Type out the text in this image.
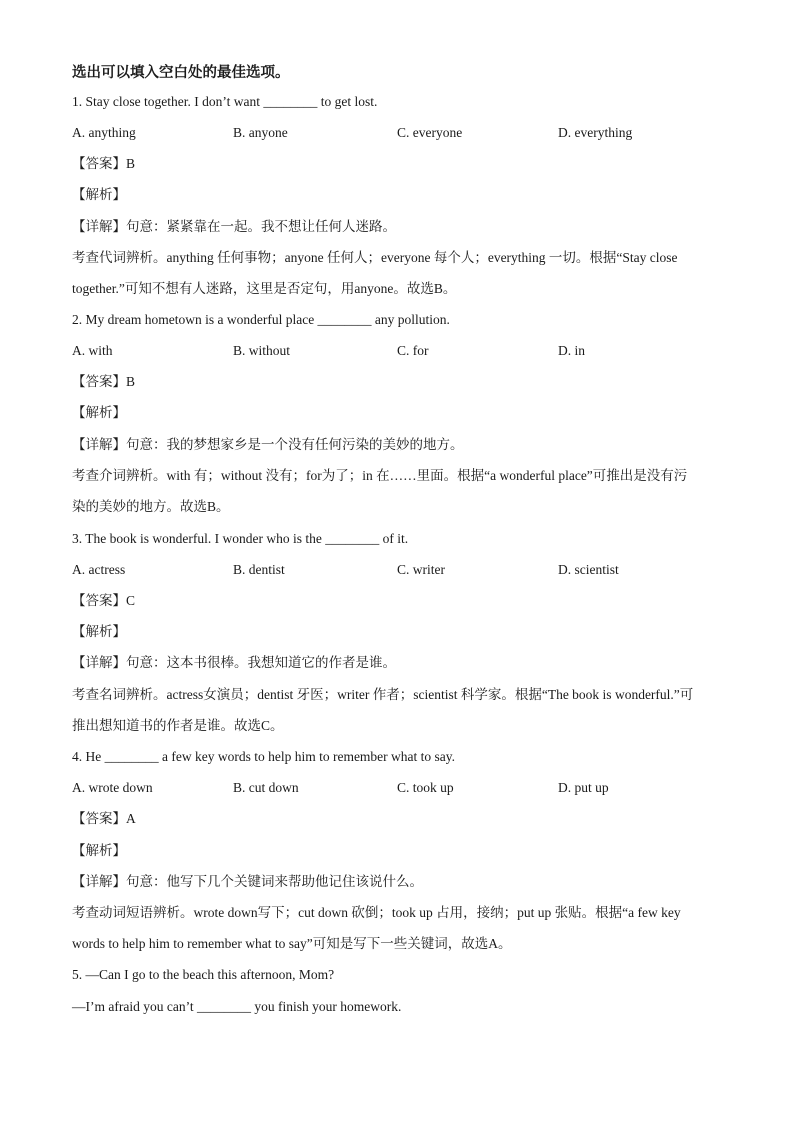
选出可以填入空白处的最佳选项。
1. Stay close together. I don’t want ________ to get lost.
A. anything	B. anyone	C. everyone	D. everything
【答案】B
【解析】
【详解】句意：紧紧靠在一起。我不想让任何人迷路。
考查代词辨析。anything 任何事物；anyone 任何人；everyone 每个人；everything 一切。根据“Stay close
together.”可知不想有人迷路，这里是否定句，用anyone。故选B。
2. My dream hometown is a wonderful place ________ any pollution.
A. with	B. without	C. for	D. in
【答案】B
【解析】
【详解】句意：我的梦想家乡是一个没有任何污染的美妙的地方。
考查介词辨析。with 有；without 没有；for为了；in 在……里面。根据“a wonderful place”可推出是没有污
染的美妙的地方。故选B。
3. The book is wonderful. I wonder who is the ________ of it.
A. actress	B. dentist	C. writer	D. scientist
【答案】C
【解析】
【详解】句意：这本书很棒。我想知道它的作者是谁。
考查名词辨析。actress女演员；dentist 牙医；writer 作者；scientist 科学家。根据“The book is wonderful.”可
推出想知道书的作者是谁。故选C。
4. He ________ a few key words to help him to remember what to say.
A. wrote down	B. cut down	C. took up	D. put up
【答案】A
【解析】
【详解】句意：他写下几个关键词来帮助他记住该说什么。
考查动词短语辨析。wrote down写下；cut down 砍倒；took up 占用，接纳；put up 张贴。根据“a few key
words to help him to remember what to say”可知是写下一些关键词，故选A。
5. —Can I go to the beach this afternoon, Mom?
—I’m afraid you can’t ________ you finish your homework.
